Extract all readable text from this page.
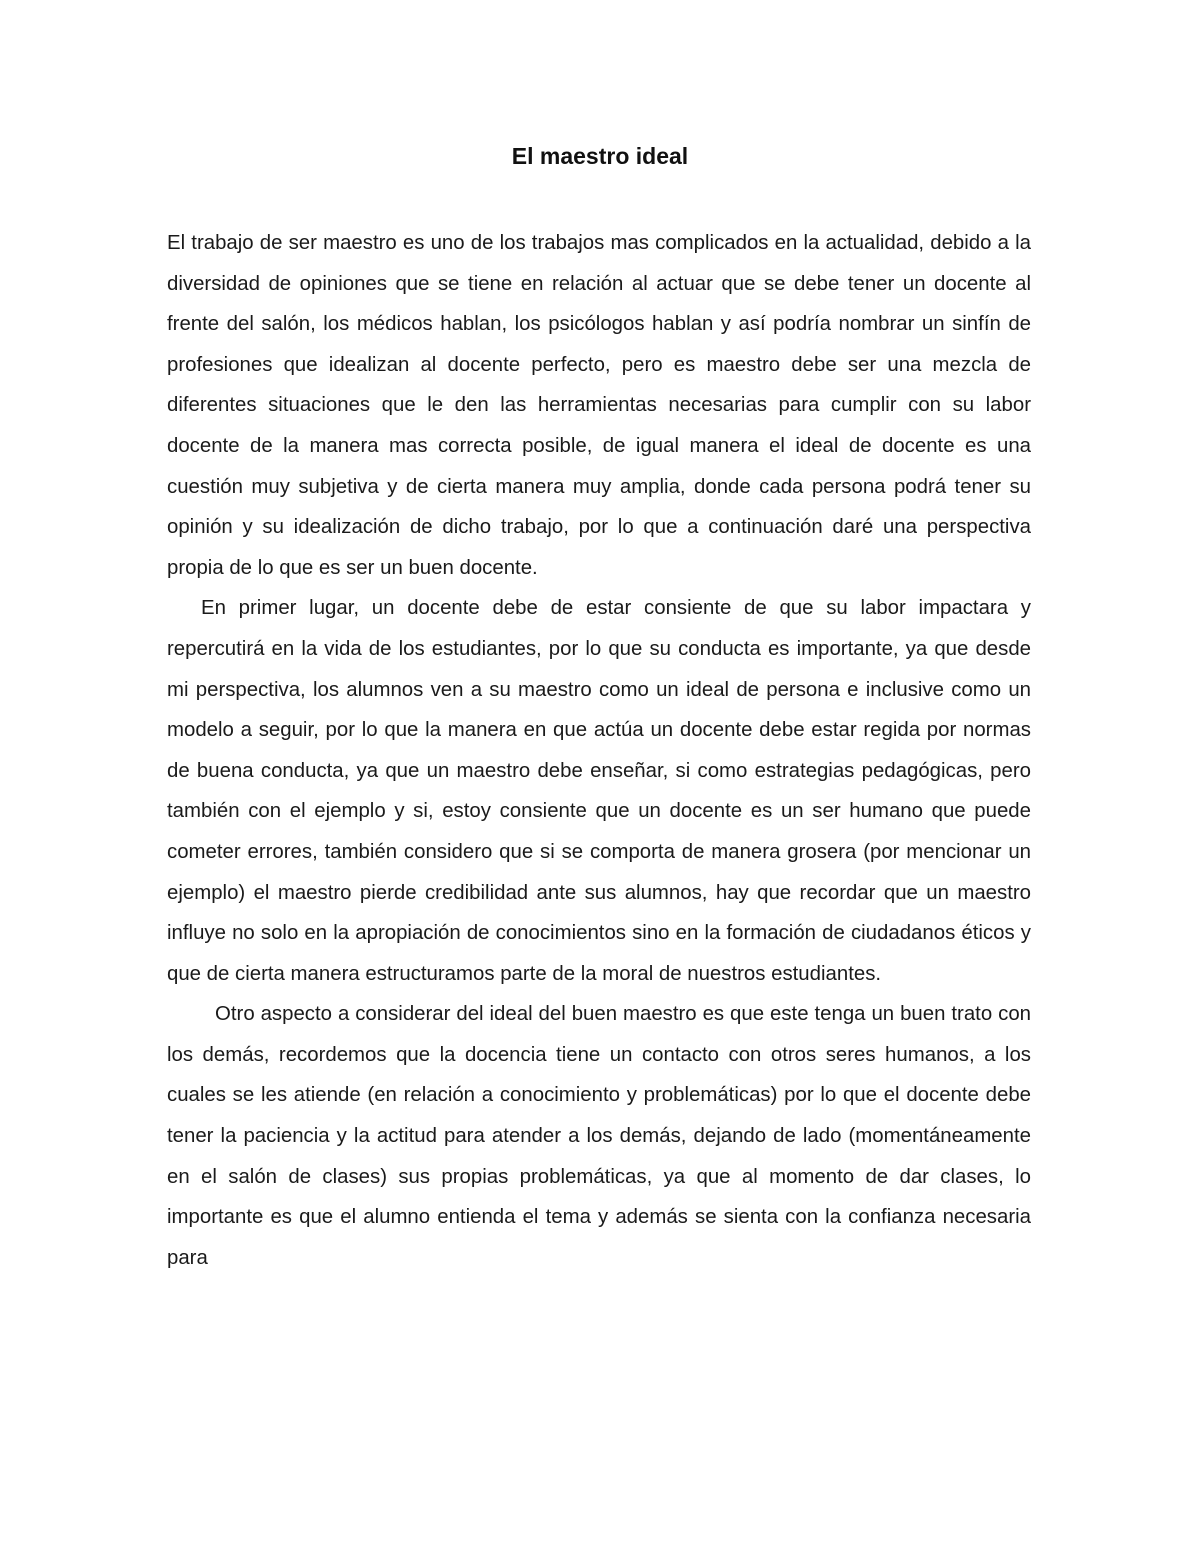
El maestro ideal

El trabajo de ser maestro es uno de los trabajos mas complicados en la actualidad, debido a la diversidad de opiniones que se tiene en relación al actuar que se debe tener un docente al frente del salón, los médicos hablan, los psicólogos hablan y así podría nombrar un sinfín de profesiones que idealizan al docente perfecto, pero es maestro debe ser una mezcla de diferentes situaciones que le den las herramientas necesarias para cumplir con su labor docente de la manera mas correcta posible, de igual manera el ideal de docente es una cuestión muy subjetiva y de cierta manera muy amplia, donde cada persona podrá tener su opinión y su idealización de dicho trabajo, por lo que a continuación daré una perspectiva propia de lo que es ser un buen docente.

En primer lugar, un docente debe de estar consiente de que su labor impactara y repercutirá en la vida de los estudiantes, por lo que su conducta es importante, ya que desde mi perspectiva, los alumnos ven a su maestro como un ideal de persona e inclusive como un modelo a seguir, por lo que la manera en que actúa un docente debe estar regida por normas de buena conducta, ya que un maestro debe enseñar, si como estrategias pedagógicas, pero también con el ejemplo y si, estoy consiente que un docente es un ser humano que puede cometer errores, también considero que si se comporta de manera grosera (por mencionar un ejemplo) el maestro pierde credibilidad ante sus alumnos, hay que recordar que un maestro influye no solo en la apropiación de conocimientos sino en la formación de ciudadanos éticos y que de cierta manera estructuramos parte de la moral de nuestros estudiantes.

Otro aspecto a considerar del ideal del buen maestro es que este tenga un buen trato con los demás, recordemos que la docencia tiene un contacto con otros seres humanos, a los cuales se les atiende (en relación a conocimiento y problemáticas) por lo que el docente debe tener la paciencia y la actitud para atender a los demás, dejando de lado (momentáneamente en el salón de clases) sus propias problemáticas, ya que al momento de dar clases, lo importante es que el alumno entienda el tema y además se sienta con la confianza necesaria para
